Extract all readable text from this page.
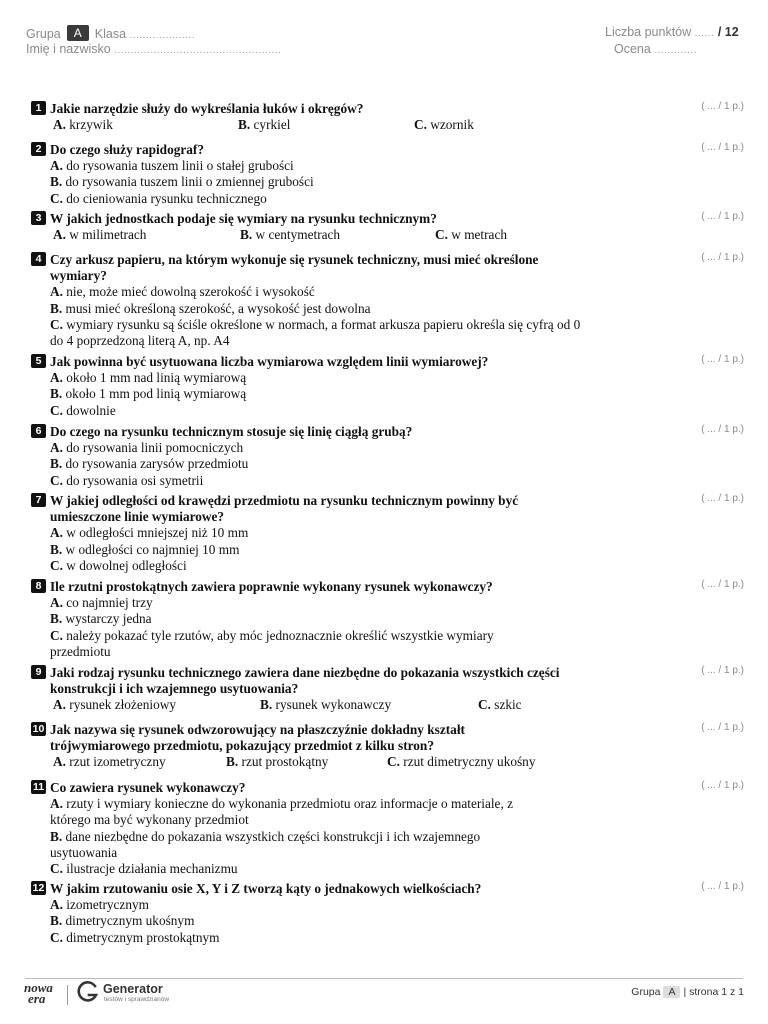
Grupa A Klasa ....................
Imię i nazwisko ...................................................
Liczba punktów ...... / 12
Ocena .............
1 Jakie narzędzie służy do wykreślania łuków i okręgów?
A. krzywik	B. cyrkiel	C. wzornik
( ... / 1 p.)
2 Do czego służy rapidograf?
A. do rysowania tuszem linii o stałej grubości
B. do rysowania tuszem linii o zmiennej grubości
C. do cieniowania rysunku technicznego
( ... / 1 p.)
3 W jakich jednostkach podaje się wymiary na rysunku technicznym?
A. w milimetrach	B. w centymetrach	C. w metrach
( ... / 1 p.)
4 Czy arkusz papieru, na którym wykonuje się rysunek techniczny, musi mieć określone wymiary?
A. nie, może mieć dowolną szerokość i wysokość
B. musi mieć określoną szerokość, a wysokość jest dowolna
C. wymiary rysunku są ściśle określone w normach, a format arkusza papieru określa się cyfrą od 0 do 4 poprzedzoną literą A, np. A4
( ... / 1 p.)
5 Jak powinna być usytuowana liczba wymiarowa względem linii wymiarowej?
A. około 1 mm nad linią wymiarową
B. około 1 mm pod linią wymiarową
C. dowolnie
( ... / 1 p.)
6 Do czego na rysunku technicznym stosuje się linię ciągłą grubą?
A. do rysowania linii pomocniczych
B. do rysowania zarysów przedmiotu
C. do rysowania osi symetrii
( ... / 1 p.)
7 W jakiej odległości od krawędzi przedmiotu na rysunku technicznym powinny być umieszczone linie wymiarowe?
A. w odległości mniejszej niż 10 mm
B. w odległości co najmniej 10 mm
C. w dowolnej odległości
( ... / 1 p.)
8 Ile rzutni prostokątnych zawiera poprawnie wykonany rysunek wykonawczy?
A. co najmniej trzy
B. wystarczy jedna
C. należy pokazać tyle rzutów, aby móc jednoznacznie określić wszystkie wymiary przedmiotu
( ... / 1 p.)
9 Jaki rodzaj rysunku technicznego zawiera dane niezbędne do pokazania wszystkich części konstrukcji i ich wzajemnego usytuowania?
A. rysunek złożeniowy	B. rysunek wykonawczy	C. szkic
( ... / 1 p.)
10 Jak nazywa się rysunek odwzorowujący na płaszczyźnie dokładny kształt trójwymiarowego przedmiotu, pokazujący przedmiot z kilku stron?
A. rzut izometryczny	B. rzut prostokątny	C. rzut dimetryczny ukośny
( ... / 1 p.)
11 Co zawiera rysunek wykonawczy?
A. rzuty i wymiary konieczne do wykonania przedmiotu oraz informacje o materiale, z którego ma być wykonany przedmiot
B. dane niezbędne do pokazania wszystkich części konstrukcji i ich wzajemnego usytuowania
C. ilustracje działania mechanizmu
( ... / 1 p.)
12 W jakim rzutowaniu osie X, Y i Z tworzą kąty o jednakowych wielkościach?
A. izometrycznym
B. dimetrycznym ukośnym
C. dimetrycznym prostokątnym
( ... / 1 p.)
nowa
era
Generator
testów i sprawdzianów
Grupa A | strona 1 z 1
